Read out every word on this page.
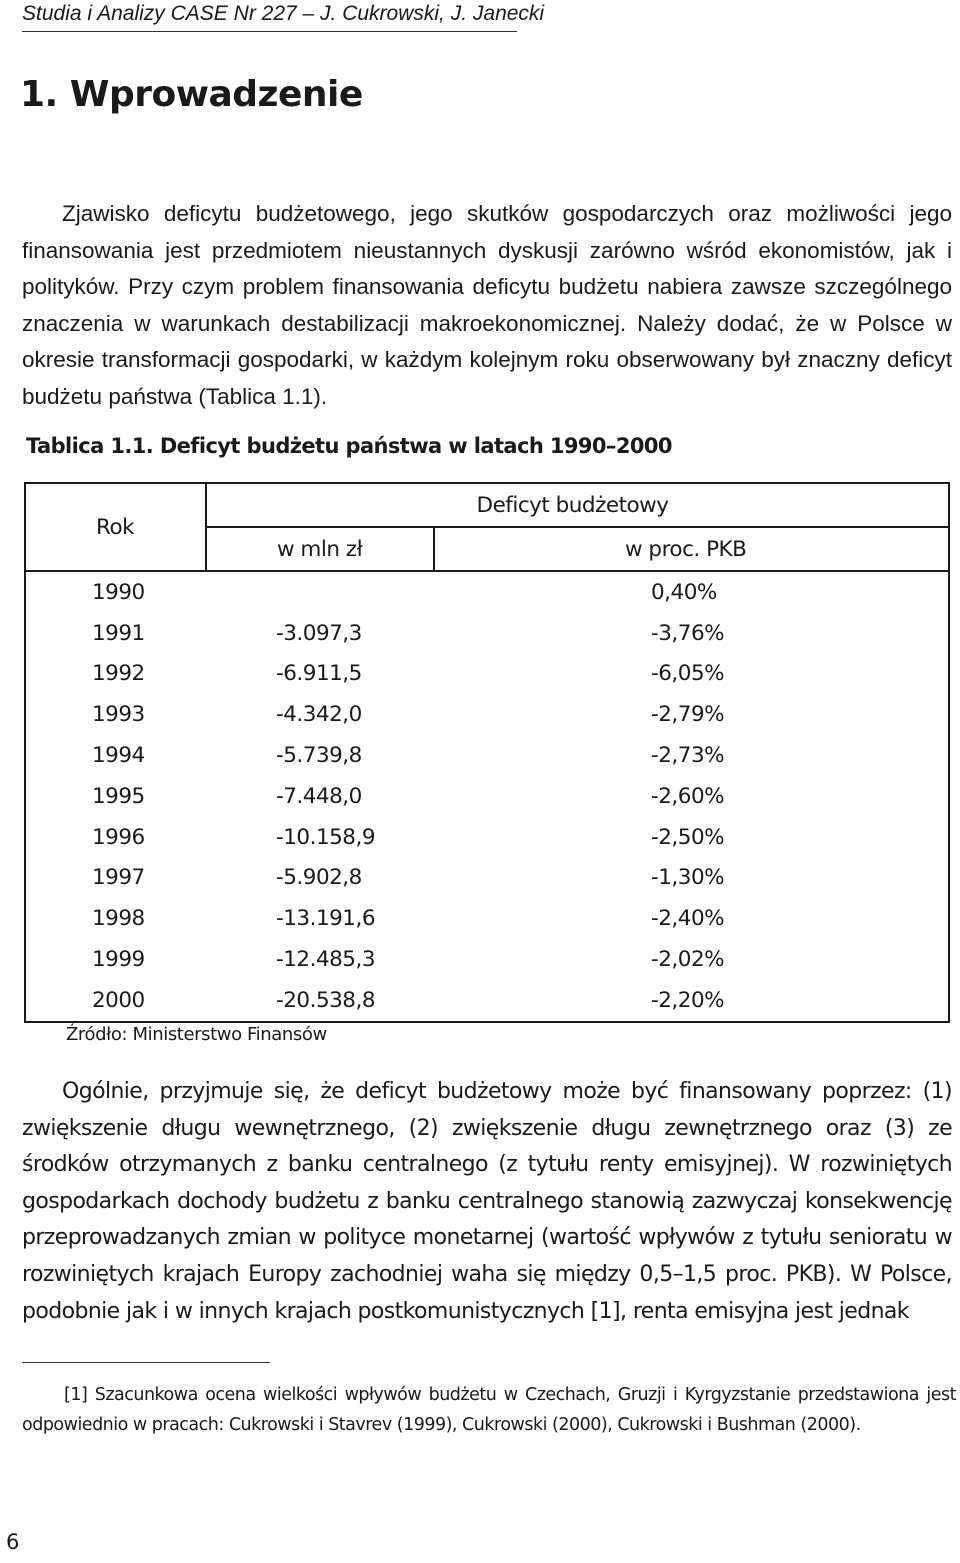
Studia i Analizy CASE Nr 227 – J. Cukrowski, J. Janecki
1. Wprowadzenie

Zjawisko deficytu budżetowego, jego skutków gospodarczych oraz możliwości jego finansowania jest przedmiotem nieustannych dyskusji zarówno wśród ekonomistów, jak i polityków. Przy czym problem finansowania deficytu budżetu nabiera zawsze szczególnego znaczenia w warunkach destabilizacji makroekonomicznej. Należy dodać, że w Polsce w okresie transformacji gospodarki, w każdym kolejnym roku obserwowany był znaczny deficyt budżetu państwa (Tablica 1.1).

Tablica 1.1. Deficyt budżetu państwa w latach 1990–2000
Rok	Deficyt budżetowy	
	w mln zł	w proc. PKB
1990		0,40%
1991	-3.097,3	-3,76%
1992	-6.911,5	-6,05%
1993	-4.342,0	-2,79%
1994	-5.739,8	-2,73%
1995	-7.448,0	-2,60%
1996	-10.158,9	-2,50%
1997	-5.902,8	-1,30%
1998	-13.191,6	-2,40%
1999	-12.485,3	-2,02%
2000	-20.538,8	-2,20%
Źródło: Ministerstwo Finansów

Ogólnie, przyjmuje się, że deficyt budżetowy może być finansowany poprzez: (1) zwiększenie długu wewnętrznego, (2) zwiększenie długu zewnętrznego oraz (3) ze środków otrzymanych z banku centralnego (z tytułu renty emisyjnej). W rozwiniętych gospodarkach dochody budżetu z banku centralnego stanowią zazwyczaj konsekwencję przeprowadzanych zmian w polityce monetarnej (wartość wpływów z tytułu senioratu w rozwiniętych krajach Europy zachodniej waha się między 0,5–1,5 proc. PKB). W Polsce, podobnie jak i w innych krajach postkomunistycznych [1], renta emisyjna jest jednak

[1] Szacunkowa ocena wielkości wpływów budżetu w Czechach, Gruzji i Kyrgyzstanie przedstawiona jest odpowiednio w pracach: Cukrowski i Stavrev (1999), Cukrowski (2000), Cukrowski i Bushman (2000).

6
